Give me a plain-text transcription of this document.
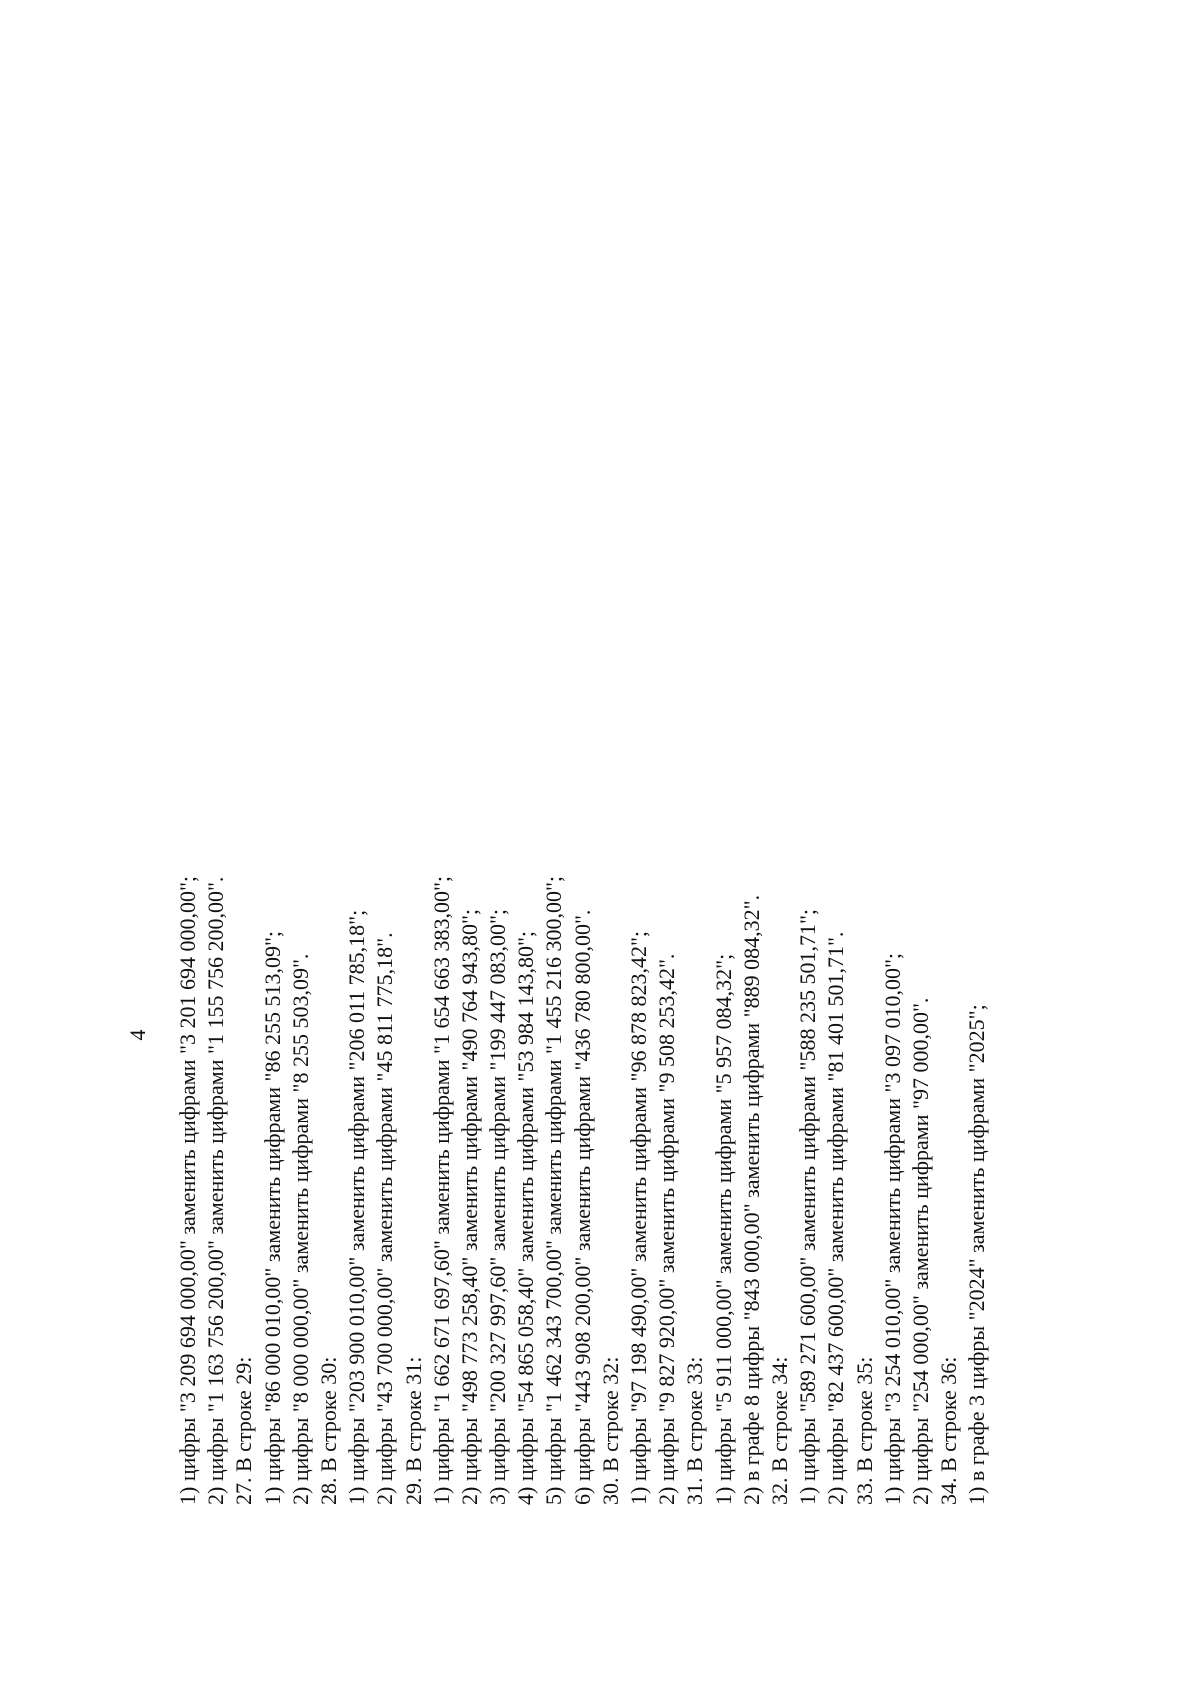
4	1) цифры "3 209 694 000,00" заменить цифрами "3 201 694 000,00"; 2) цифры "1 163 756 200,00" заменить цифрами "1 155 756 200,00". 27. В строке 29: 1) цифры "86 000 010,00" заменить цифрами "86 255 513,09"; 2) цифры "8 000 000,00" заменить цифрами "8 255 503,09". 28. В строке 30: 1) цифры "203 900 010,00" заменить цифрами "206 011 785,18"; 2) цифры "43 700 000,00" заменить цифрами "45 811 775,18". 29. В строке 31: 1) цифры "1 662 671 697,60" заменить цифрами "1 654 663 383,00"; 2) цифры "498 773 258,40" заменить цифрами "490 764 943,80"; 3) цифры "200 327 997,60" заменить цифрами "199 447 083,00"; 4) цифры "54 865 058,40" заменить цифрами "53 984 143,80"; 5) цифры "1 462 343 700,00" заменить цифрами "1 455 216 300,00"; 6) цифры "443 908 200,00" заменить цифрами "436 780 800,00". 30. В строке 32: 1) цифры "97 198 490,00" заменить цифрами "96 878 823,42"; 2) цифры "9 827 920,00" заменить цифрами "9 508 253,42". 31. В строке 33: 1) цифры "5 911 000,00" заменить цифрами "5 957 084,32"; 2) в графе 8 цифры "843 000,00" заменить цифрами "889 084,32". 32. В строке 34: 1) цифры "589 271 600,00" заменить цифрами "588 235 501,71"; 2) цифры "82 437 600,00" заменить цифрами "81 401 501,71". 33. В строке 35: 1) цифры "3 254 010,00" заменить цифрами "3 097 010,00"; 2) цифры "254 000,00" заменить цифрами "97 000,00". 34. В строке 36: 1) в графе 3 цифры "2024" заменить цифрами "2025";
